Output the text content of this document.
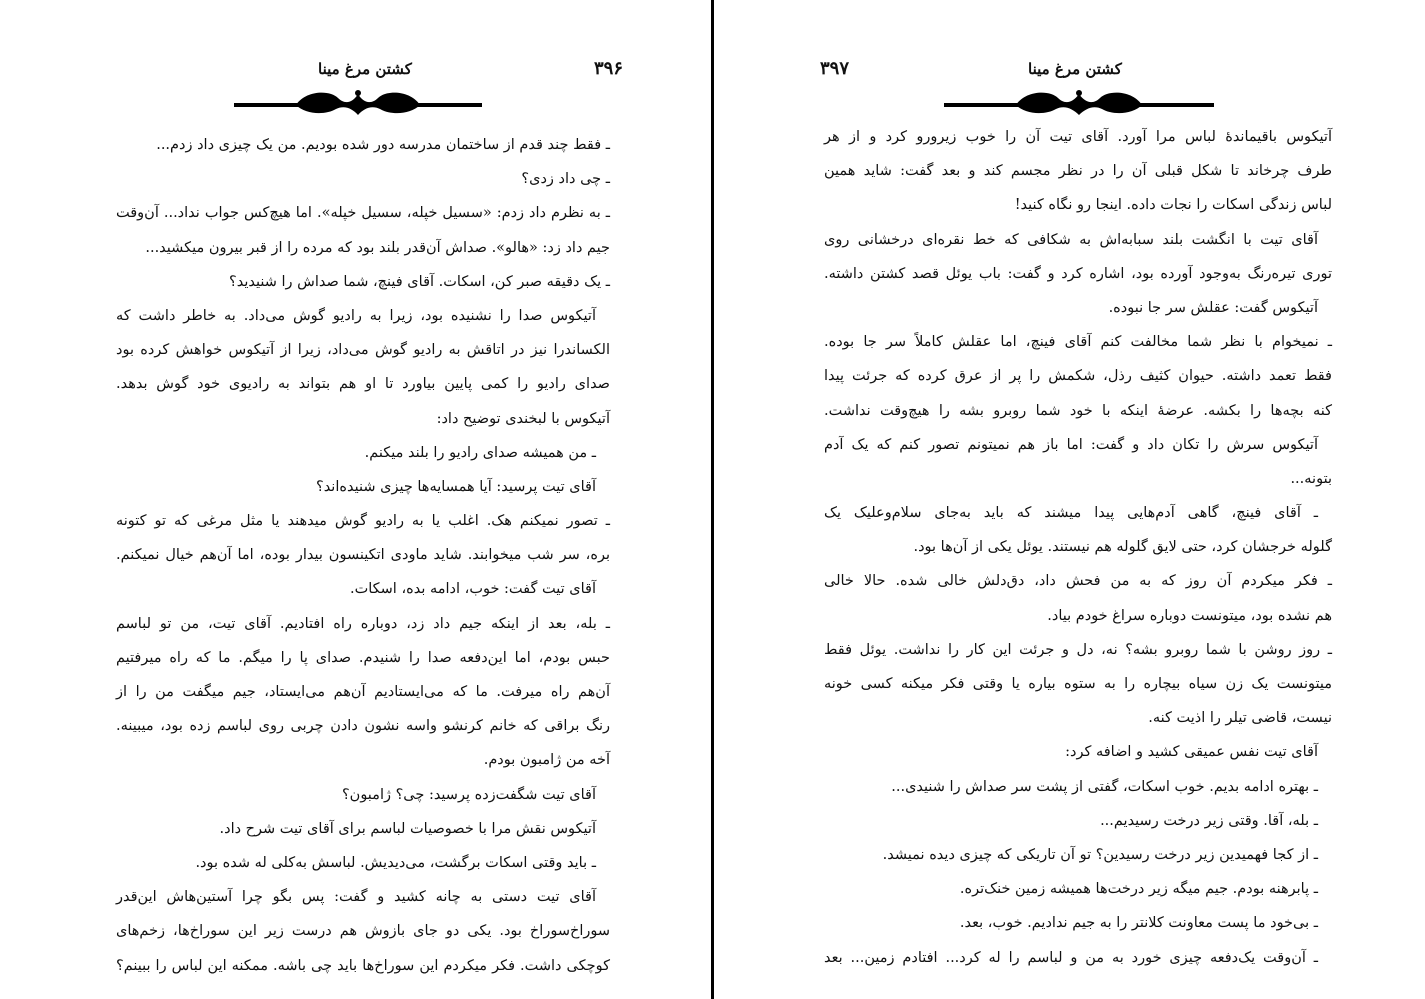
۳۹۶
کشتن مرغ مینا
ـ فقط چند قدم از ساختمان مدرسه دور شده بودیم. من یک چیزی داد زدم...
ـ چی داد زدی؟
ـ به نظرم داد زدم: «سسیل خپله، سسیل خپله». اما هیچ‌کس جواب نداد... آن‌وقت
جیم داد زد: «هالو». صداش آن‌قدر بلند بود که مرده را از قبر بیرون میکشید...
ـ یک دقیقه صبر کن، اسکات. آقای فینچ، شما صداش را شنیدید؟
آتیکوس صدا را نشنیده بود، زیرا به رادیو گوش می‌داد. به خاطر داشت که
الکساندرا نیز در اتاقش به رادیو گوش می‌داد، زیرا از آتیکوس خواهش کرده بود
صدای رادیو را کمی پایین بیاورد تا او هم بتواند به رادیوی خود گوش بدهد.
آتیکوس با لبخندی توضیح داد:
ـ من همیشه صدای رادیو را بلند میکنم.
آقای تیت پرسید: آیا همسایه‌ها چیزی شنیده‌اند؟
ـ تصور نمیکنم هک. اغلب یا به رادیو گوش میدهند یا مثل مرغی که تو کتونه
بره، سر شب میخوابند. شاید ماودی اتکینسون بیدار بوده، اما آن‌هم خیال نمیکنم.
آقای تیت گفت: خوب، ادامه بده، اسکات.
ـ بله، بعد از اینکه جیم داد زد، دوباره راه افتادیم. آقای تیت، من تو لباسم
حبس بودم، اما این‌دفعه صدا را شنیدم. صدای پا را میگم. ما که راه میرفتیم
آن‌هم راه میرفت. ما که می‌ایستادیم آن‌هم می‌ایستاد، جیم میگفت من را از
رنگ براقی که خانم کرنشو واسه نشون دادن چربی روی لباسم زده بود، میبینه.
آخه من ژامبون بودم.
آقای تیت شگفت‌زده پرسید: چی؟ ژامبون؟
آتیکوس نقش مرا با خصوصیات لباسم برای آقای تیت شرح داد.
ـ باید وقتی اسکات برگشت، می‌دیدیش. لباسش به‌کلی له شده بود.
آقای تیت دستی به چانه کشید و گفت: پس بگو چرا آستین‌هاش این‌قدر
سوراخ‌سوراخ بود. یکی دو جای بازوش هم درست زیر این سوراخ‌ها، زخم‌های
کوچکی داشت. فکر میکردم این سوراخ‌ها باید چی باشه. ممکنه این لباس را ببینم؟
۳۹۷	کشتن مرغ مینا
آتیکوس باقیماندهٔ لباس مرا آورد. آقای تیت آن را خوب زیرورو کرد و از هر
طرف چرخاند تا شکل قبلی آن را در نظر مجسم کند و بعد گفت: شاید همین
لباس زندگی اسکات را نجات داده. اینجا رو نگاه کنید!
آقای تیت با انگشت بلند سبابه‌اش به شکافی که خط نقره‌ای درخشانی روی
توری تیره‌رنگ به‌وجود آورده بود، اشاره کرد و گفت: باب یوئل قصد کشتن داشته.
آتیکوس گفت: عقلش سر جا نبوده.
ـ نمیخوام با نظر شما مخالفت کنم آقای فینچ، اما عقلش کاملاً سر جا بوده.
فقط تعمد داشته. حیوان کثیف رذل، شکمش را پر از عرق کرده که جرئت پیدا
کنه بچه‌ها را بکشه. عرضهٔ اینکه با خود شما روبرو بشه را هیچ‌وقت نداشت.
آتیکوس سرش را تکان داد و گفت: اما باز هم نمیتونم تصور کنم که یک آدم
بتونه...
ـ آقای فینچ، گاهی آدم‌هایی پیدا میشند که باید به‌جای سلام‌وعلیک یک
گلوله خرجشان کرد، حتی لایق گلوله هم نیستند. یوئل یکی از آن‌ها بود.
ـ فکر میکردم آن روز که به من فحش داد، دق‌دلش خالی شده. حالا خالی
هم نشده بود، میتونست دوباره سراغ خودم بیاد.
ـ روز روشن با شما روبرو بشه؟ نه، دل و جرئت این کار را نداشت. یوئل فقط
میتونست یک زن سیاه بیچاره را به ستوه بیاره یا وقتی فکر میکنه کسی خونه
نیست، قاضی تیلر را اذیت کنه.
آقای تیت نفس عمیقی کشید و اضافه کرد:
ـ بهتره ادامه بدیم. خوب اسکات، گفتی از پشت سر صداش را شنیدی...
ـ بله، آقا. وقتی زیر درخت رسیدیم...
ـ از کجا فهمیدین زیر درخت رسیدین؟ تو آن تاریکی که چیزی دیده نمیشد.
ـ پابرهنه بودم. جیم میگه زیر درخت‌ها همیشه زمین خنک‌تره.
ـ بی‌خود ما پست معاونت کلانتر را به جیم ندادیم. خوب، بعد.
ـ آن‌وقت یک‌دفعه چیزی خورد به من و لباسم را له کرد... افتادم زمین... بعد
